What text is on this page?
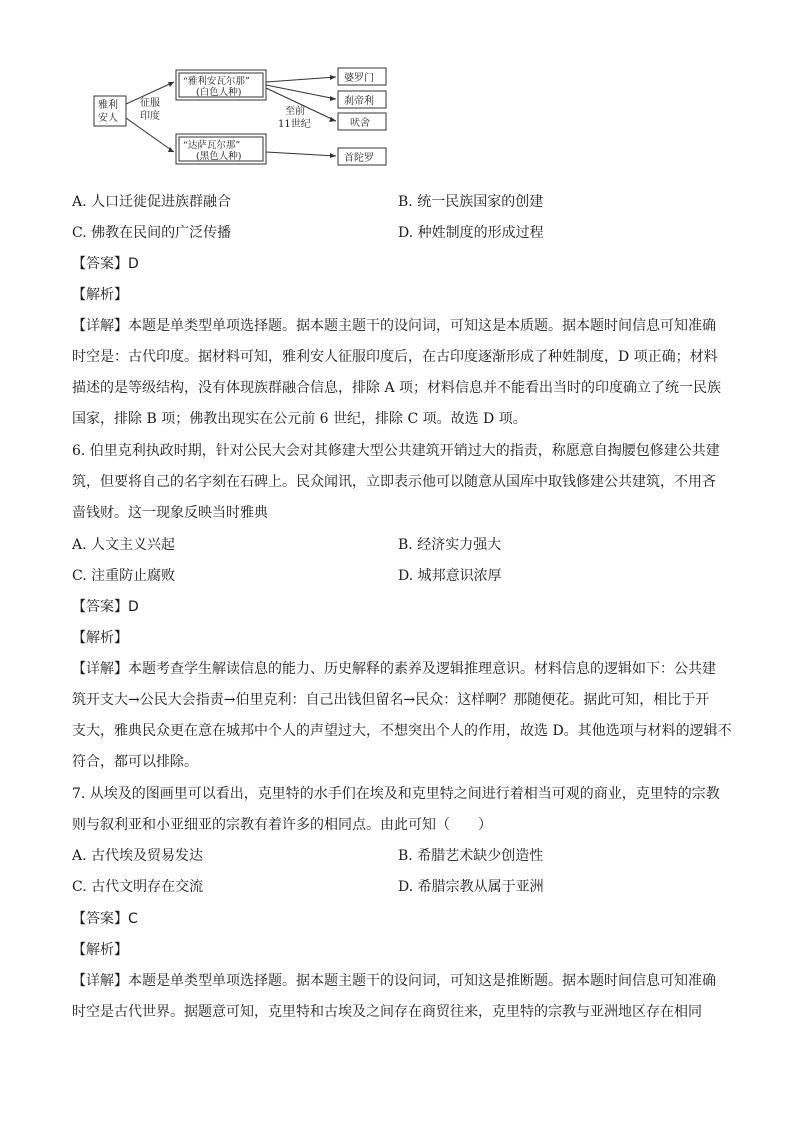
雅利
安人
征服
印度
“雅利安瓦尔那”
(白色人种)
“达萨瓦尔那”
(黑色人种)
至前
11世纪
婆罗门
刹帝利
吠舍
首陀罗
A. 人口迁徙促进族群融合	B. 统一民族国家的创建
C. 佛教在民间的广泛传播	D. 种姓制度的形成过程
【答案】D
【解析】
【详解】本题是单类型单项选择题。据本题主题干的设问词，可知这是本质题。据本题时间信息可知准确
时空是：古代印度。据材料可知，雅利安人征服印度后，在古印度逐渐形成了种姓制度，D 项正确；材料
描述的是等级结构，没有体现族群融合信息，排除 A 项；材料信息并不能看出当时的印度确立了统一民族
国家，排除 B 项；佛教出现实在公元前 6 世纪，排除 C 项。故选 D 项。
6. 伯里克利执政时期，针对公民大会对其修建大型公共建筑开销过大的指责，称愿意自掏腰包修建公共建
筑，但要将自己的名字刻在石碑上。民众闻讯，立即表示他可以随意从国库中取钱修建公共建筑，不用吝
啬钱财。这一现象反映当时雅典
A. 人文主义兴起	B. 经济实力强大
C. 注重防止腐败	D. 城邦意识浓厚
【答案】D
【解析】
【详解】本题考查学生解读信息的能力、历史解释的素养及逻辑推理意识。材料信息的逻辑如下：公共建
筑开支大→公民大会指责→伯里克利：自己出钱但留名→民众：这样啊？那随便花。据此可知，相比于开
支大，雅典民众更在意在城邦中个人的声望过大，不想突出个人的作用，故选 D。其他选项与材料的逻辑不
符合，都可以排除。
7. 从埃及的图画里可以看出，克里特的水手们在埃及和克里特之间进行着相当可观的商业，克里特的宗教
则与叙利亚和小亚细亚的宗教有着许多的相同点。由此可知（　　）
A. 古代埃及贸易发达	B. 希腊艺术缺少创造性
C. 古代文明存在交流	D. 希腊宗教从属于亚洲
【答案】C
【解析】
【详解】本题是单类型单项选择题。据本题主题干的设问词，可知这是推断题。据本题时间信息可知准确
时空是古代世界。据题意可知，克里特和古埃及之间存在商贸往来，克里特的宗教与亚洲地区存在相同
